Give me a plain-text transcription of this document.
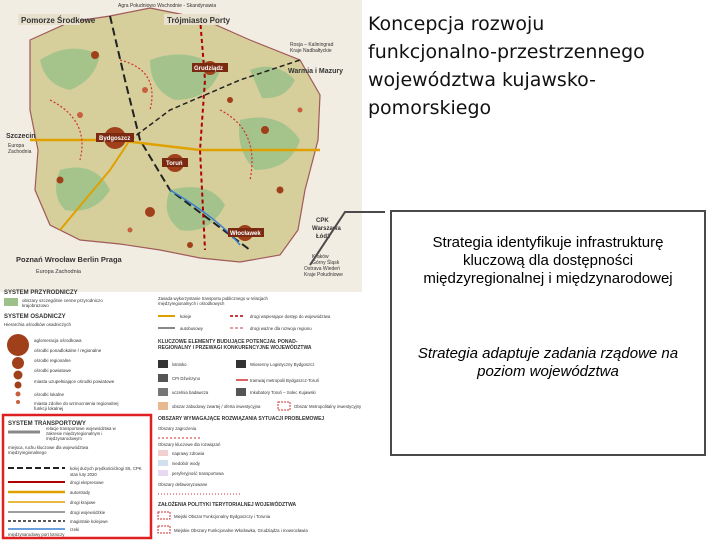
Bydgoszcz
Toruń
Włocławek
Grudziądz
Agra Południowo Wschodnie - Skandynawia
Pomorze Środkowe	Trójmiasto Porty
Rosja – Kaliningrad Kraje Nadbałtyckie
Warmia i Mazury
Szczecin
Europa Zachodnia
CPK Warszawa Łódź
Kraków Górny Śląsk Ostrava Wiedeń Kraje Południowe
Poznań Wrocław Berlin Praga
Europa Zachodnia
SYSTEM PRZYRODNICZY
obszary szczególnie cenne przyrodniczo krajobrazowo
SYSTEM OSADNICZY
Hierarchia ośrodków osadniczych
aglomeracja ośrodkowa
ośrodki ponadlokalne / regionalne
ośrodki regionalne
ośrodki powiatowe
miasta uzupełniające ośrodki powiatowe
ośrodki lokalne
miasta zdolne do wzmocnienia regionalnej funkcji lokalnej
SYSTEM TRANSPORTOWY
relacje transportowe województwa w zakresie międzyregionalnym i międzynarodowym
miejsca, ruchu kluczowe dla województwa międzyregionalnego
kolej dużych prędkości/drogi S5, CPK
stan luty 2020
drogi ekspresowe
autostrady
drogi krajowe
drogi wojewódzkie
magistrale kolejowe
rzeki
międzynarodowy port lotniczy
Zasada wykorzystanie transportu publicznego w relacjach międzyregionalnych i ośrodkowych
koleje
autobusowy
drogi wspierające dostęp do województwa
drogi ważne dla rozwoju regionu
KLUCZOWE ELEMENTY BUDUJĄCE POTENCJAŁ PONAD-REGIONALNY I PRZEWAGI KONKURENCYJNE WOJEWÓDZTWA
lotnisko
CPI Dźwirzyno
uczelnia badawcza
obszar zabudowy zwartej / oferta inwestycyjna
Wiosenny Logistyczny Bydgoszcz
tramwaj metropolii Bydgoszcz-Toruń
Inkubatory Toruń – Solec Kujawski
Obszar Metropolitalny inwestycyjny
OBSZARY WYMAGAJĄCE ROZWIĄZANIA SYTUACJI PROBLEMOWEJ
Obszary zagrożenia
Obszary kluczowe dla rozwiązań
naprawy zdrowia
niedobór wody
peryferyjność transportowa
Obszary defaworyzowane
ZAŁOŻENIA POLITYKI TERYTORIALNEJ WOJEWÓDZTWA
Miejski Obszar Funkcjonalny Bydgoszczy i Torunia
Miejskie Obszary Funkcjonalne Włocławka, Grudziądza i Inowrocławia
Koncepcja rozwoju
funkcjonalno-przestrzennego
województwa kujawsko-
pomorskiego
Strategia identyfikuje infrastrukturę kluczową dla dostępności międzyregionalnej i międzynarodowej
Strategia adaptuje zadania rządowe na poziom województwa
